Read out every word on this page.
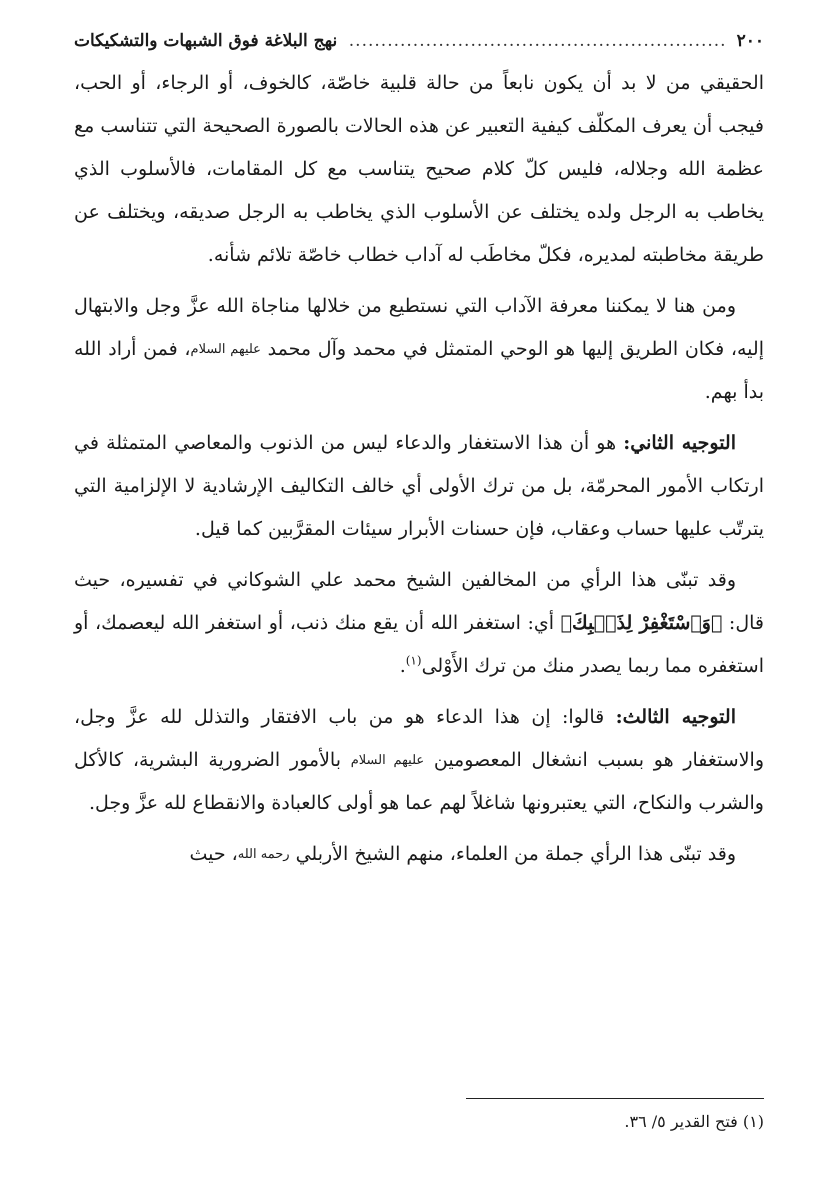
٢٠٠
.....
نهج البلاغة فوق الشبهات والتشكيكات

الحقيقي من لا بد أن يكون نابعاً من حالة قلبية خاصّة، كالخوف، أو الرجاء، أو الحب، فيجب أن يعرف المكلّف كيفية التعبير عن هذه الحالات بالصورة الصحيحة التي تتناسب مع عظمة الله وجلاله، فليس كلّ كلام صحيح يتناسب مع كل المقامات، فالأسلوب الذي يخاطب به الرجل ولده يختلف عن الأسلوب الذي يخاطب به الرجل صديقه، ويختلف عن طريقة مخاطبته لمديره، فكلّ مخاطَب له آداب خطاب خاصّة تلائم شأنه.

ومن هنا لا يمكننا معرفة الآداب التي نستطيع من خلالها مناجاة الله عزَّ وجل والابتهال إليه، فكان الطريق إليها هو الوحي المتمثل في محمد وآل محمد عليهم السلام، فمن أراد الله بدأ بهم.

التوجيه الثاني: هو أن هذا الاستغفار والدعاء ليس من الذنوب والمعاصي المتمثلة في ارتكاب الأمور المحرمّة، بل من ترك الأولى أي خالف التكاليف الإرشادية لا الإلزامية التي يترتّب عليها حساب وعقاب، فإن حسنات الأبرار سيئات المقرَّبين كما قيل.

وقد تبنّى هذا الرأي من المخالفين الشيخ محمد علي الشوكاني في تفسيره، حيث قال: ﴿وَٱسْتَغْفِرْ لِذَنۢبِكَ﴾ أي: استغفر الله أن يقع منك ذنب، أو استغفر الله ليعصمك، أو استغفره مما ربما يصدر منك من ترك الأَوْلى$^{(١)}$.

التوجيه الثالث: قالوا: إن هذا الدعاء هو من باب الافتقار والتذلل لله عزَّ وجل، والاستغفار هو بسبب انشغال المعصومين عليهم السلام بالأمور الضرورية البشرية، كالأكل والشرب والنكاح، التي يعتبرونها شاغلاً لهم عما هو أولى كالعبادة والانقطاع لله عزَّ وجل.

وقد تبنّى هذا الرأي جملة من العلماء، منهم الشيخ الأربلي رحمه الله، حيث

(١) فتح القدير ٥/ ٣٦.
